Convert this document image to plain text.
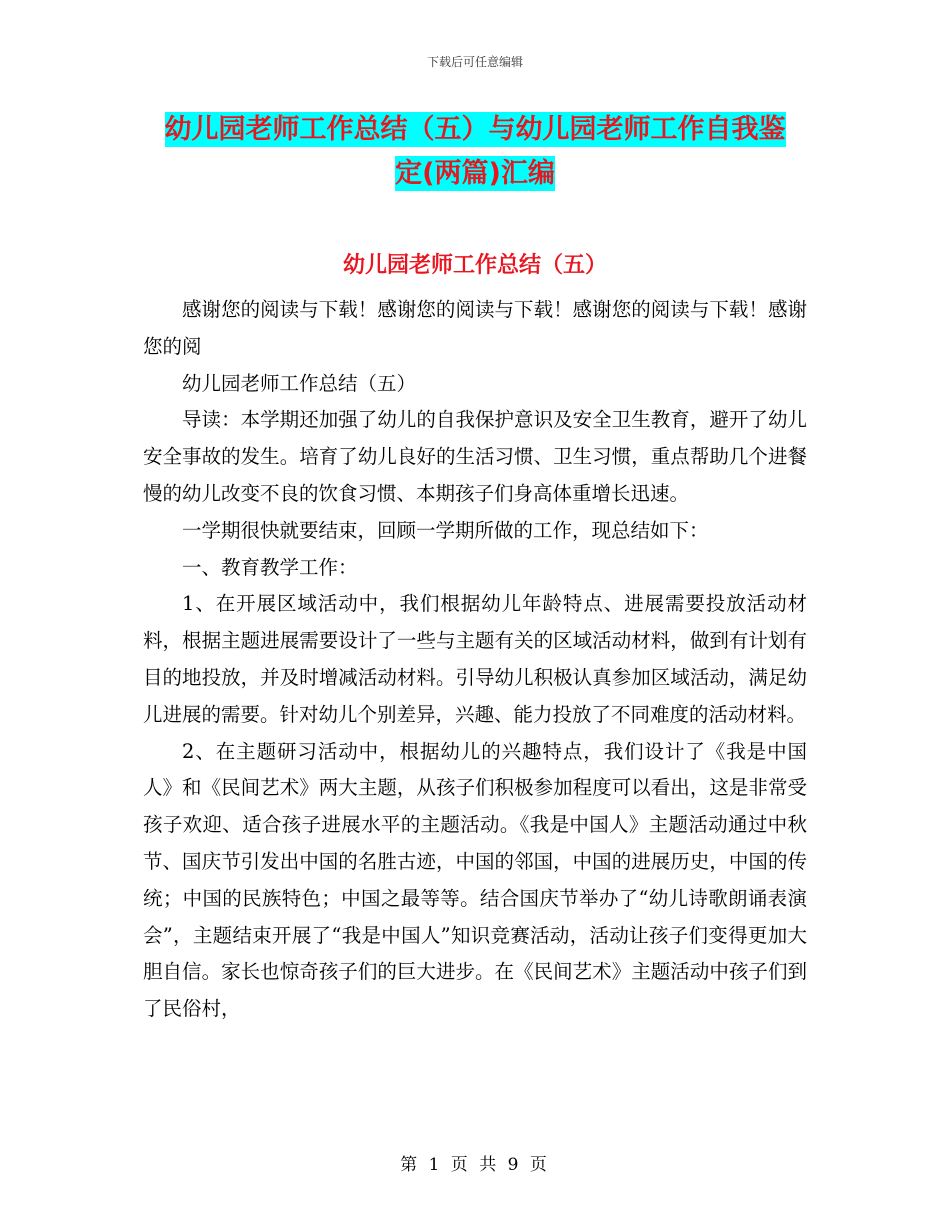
下载后可任意编辑
幼儿园老师工作总结（五）与幼儿园老师工作自我鉴
定(两篇)汇编
幼儿园老师工作总结（五）

感谢您的阅读与下载！感谢您的阅读与下载！感谢您的阅读与下载！感谢您的阅

幼儿园老师工作总结（五）

导读：本学期还加强了幼儿的自我保护意识及安全卫生教育，避开了幼儿安全事故的发生。培育了幼儿良好的生活习惯、卫生习惯，重点帮助几个进餐慢的幼儿改变不良的饮食习惯、本期孩子们身高体重增长迅速。

一学期很快就要结束，回顾一学期所做的工作，现总结如下：

一、教育教学工作：

1、在开展区域活动中，我们根据幼儿年龄特点、进展需要投放活动材料，根据主题进展需要设计了一些与主题有关的区域活动材料，做到有计划有目的地投放，并及时增减活动材料。引导幼儿积极认真参加区域活动，满足幼儿进展的需要。针对幼儿个别差异，兴趣、能力投放了不同难度的活动材料。

2、在主题研习活动中，根据幼儿的兴趣特点，我们设计了《我是中国人》和《民间艺术》两大主题，从孩子们积极参加程度可以看出，这是非常受孩子欢迎、适合孩子进展水平的主题活动。《我是中国人》主题活动通过中秋节、国庆节引发出中国的名胜古迹，中国的邻国，中国的进展历史，中国的传统；中国的民族特色；中国之最等等。结合国庆节举办了“幼儿诗歌朗诵表演会”，主题结束开展了“我是中国人”知识竞赛活动，活动让孩子们变得更加大胆自信。家长也惊奇孩子们的巨大进步。在《民间艺术》主题活动中孩子们到了民俗村，

第 1 页 共 9 页
